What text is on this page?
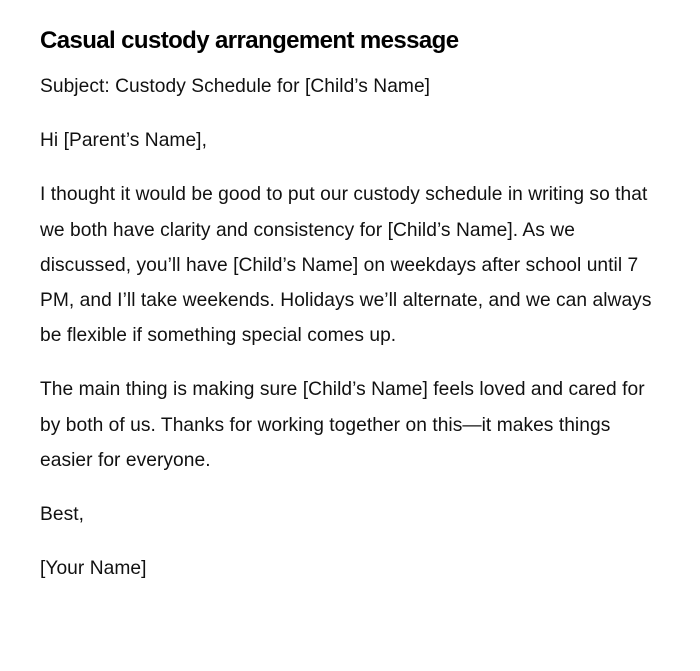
Casual custody arrangement message

Subject: Custody Schedule for [Child’s Name]

Hi [Parent’s Name],

I thought it would be good to put our custody schedule in writing so that we both have clarity and consistency for [Child’s Name]. As we discussed, you’ll have [Child’s Name] on weekdays after school until 7 PM, and I’ll take weekends. Holidays we’ll alternate, and we can always be flexible if something special comes up.

The main thing is making sure [Child’s Name] feels loved and cared for by both of us. Thanks for working together on this—it makes things easier for everyone.

Best,

[Your Name]
